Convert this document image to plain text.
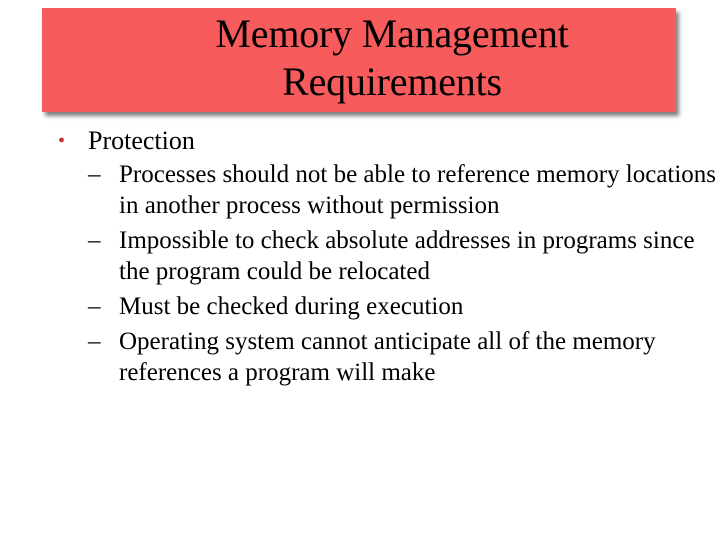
Memory Management
Requirements
• Protection
– Processes should not be able to reference memory locations in another process without permission
– Impossible to check absolute addresses in programs since the program could be relocated
– Must be checked during execution
– Operating system cannot anticipate all of the memory references a program will make
